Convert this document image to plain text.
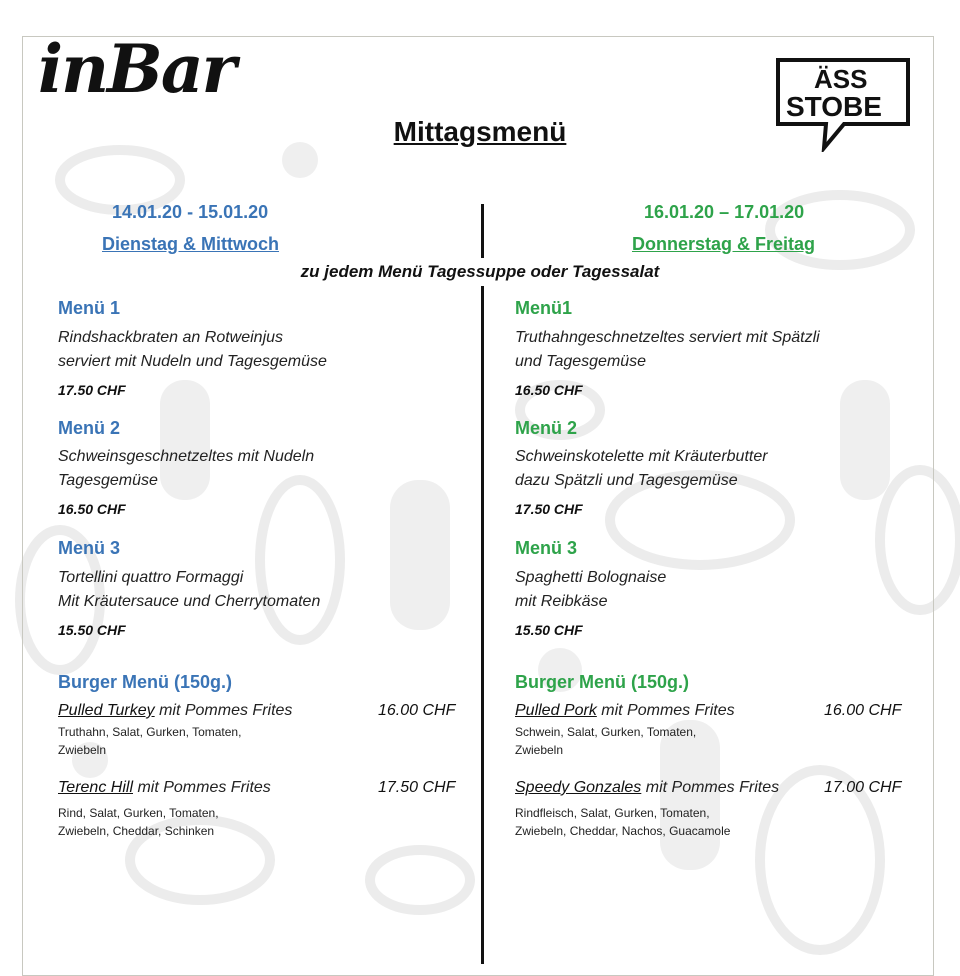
inBar	ÄSS
STOBE
Mittagsmenü
14.01.20 - 15.01.20
Dienstag & Mittwoch
16.01.20 – 17.01.20
Donnerstag & Freitag
zu jedem Menü Tagessuppe oder Tagessalat
Menü 1
Rindshackbraten an Rotweinjus
serviert mit Nudeln und Tagesgemüse
17.50 CHF
Menü 2
Schweinsgeschnetzeltes mit Nudeln
Tagesgemüse
16.50 CHF
Menü 3
Tortellini quattro Formaggi
Mit Kräutersauce und Cherrytomaten
15.50 CHF
Burger Menü (150g.)
Pulled Turkey mit Pommes Frites	16.00 CHF
Truthahn, Salat, Gurken, Tomaten,
Zwiebeln
Terenc Hill mit Pommes Frites	17.50 CHF
Rind, Salat, Gurken, Tomaten,
Zwiebeln, Cheddar, Schinken
Menü1
Truthahngeschnetzeltes serviert mit Spätzli
und Tagesgemüse
16.50 CHF
Menü 2
Schweinskotelette mit Kräuterbutter
dazu Spätzli und Tagesgemüse
17.50 CHF
Menü 3
Spaghetti Bolognaise
mit Reibkäse
15.50 CHF
Burger Menü (150g.)
Pulled Pork mit Pommes Frites	16.00 CHF
Schwein, Salat, Gurken, Tomaten,
Zwiebeln
Speedy Gonzales mit Pommes Frites	17.00 CHF
Rindfleisch, Salat, Gurken, Tomaten,
Zwiebeln, Cheddar, Nachos, Guacamole
